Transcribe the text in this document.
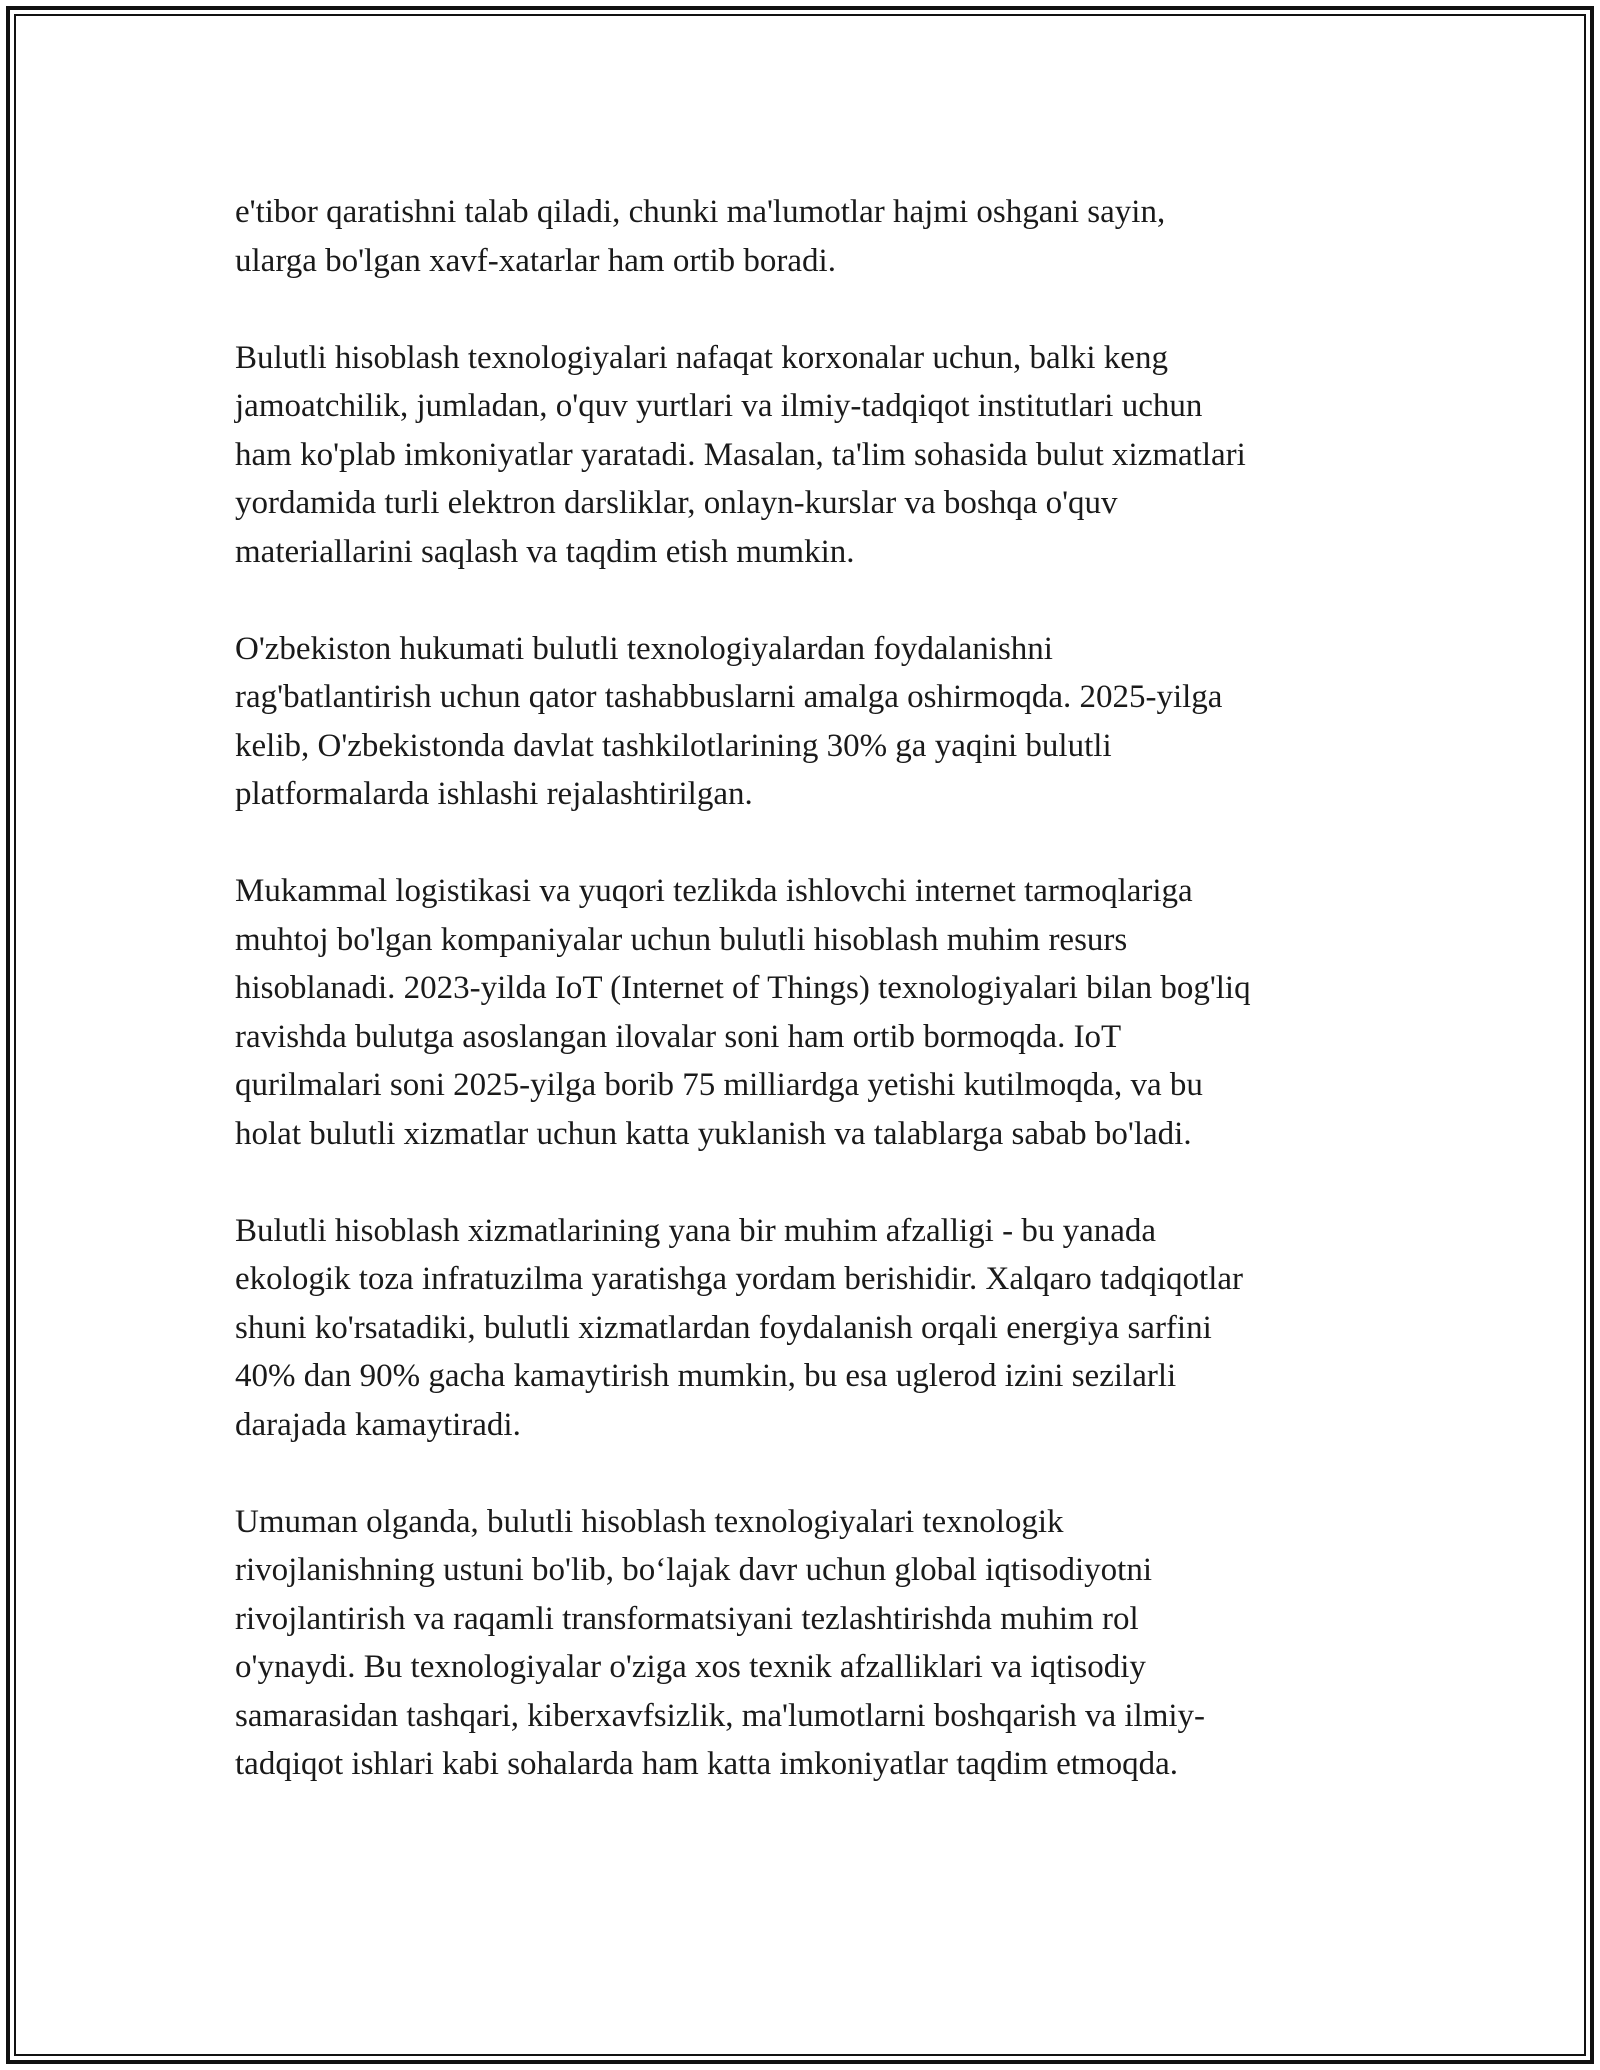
e'tibor qaratishni talab qiladi, chunki ma'lumotlar hajmi oshgani sayin,
ularga bo'lgan xavf-xatarlar ham ortib boradi.

Bulutli hisoblash texnologiyalari nafaqat korxonalar uchun, balki keng
jamoatchilik, jumladan, o'quv yurtlari va ilmiy-tadqiqot institutlari uchun
ham ko'plab imkoniyatlar yaratadi. Masalan, ta'lim sohasida bulut xizmatlari
yordamida turli elektron darsliklar, onlayn-kurslar va boshqa o'quv
materiallarini saqlash va taqdim etish mumkin.

O'zbekiston hukumati bulutli texnologiyalardan foydalanishni
rag'batlantirish uchun qator tashabbuslarni amalga oshirmoqda. 2025-yilga
kelib, O'zbekistonda davlat tashkilotlarining 30% ga yaqini bulutli
platformalarda ishlashi rejalashtirilgan.

Mukammal logistikasi va yuqori tezlikda ishlovchi internet tarmoqlariga
muhtoj bo'lgan kompaniyalar uchun bulutli hisoblash muhim resurs
hisoblanadi. 2023-yilda IoT (Internet of Things) texnologiyalari bilan bog'liq
ravishda bulutga asoslangan ilovalar soni ham ortib bormoqda. IoT
qurilmalari soni 2025-yilga borib 75 milliardga yetishi kutilmoqda, va bu
holat bulutli xizmatlar uchun katta yuklanish va talablarga sabab bo'ladi.

Bulutli hisoblash xizmatlarining yana bir muhim afzalligi - bu yanada
ekologik toza infratuzilma yaratishga yordam berishidir. Xalqaro tadqiqotlar
shuni ko'rsatadiki, bulutli xizmatlardan foydalanish orqali energiya sarfini
40% dan 90% gacha kamaytirish mumkin, bu esa uglerod izini sezilarli
darajada kamaytiradi.

Umuman olganda, bulutli hisoblash texnologiyalari texnologik
rivojlanishning ustuni bo'lib, bo‘lajak davr uchun global iqtisodiyotni
rivojlantirish va raqamli transformatsiyani tezlashtirishda muhim rol
o'ynaydi. Bu texnologiyalar o'ziga xos texnik afzalliklari va iqtisodiy
samarasidan tashqari, kiberxavfsizlik, ma'lumotlarni boshqarish va ilmiy-
tadqiqot ishlari kabi sohalarda ham katta imkoniyatlar taqdim etmoqda.
